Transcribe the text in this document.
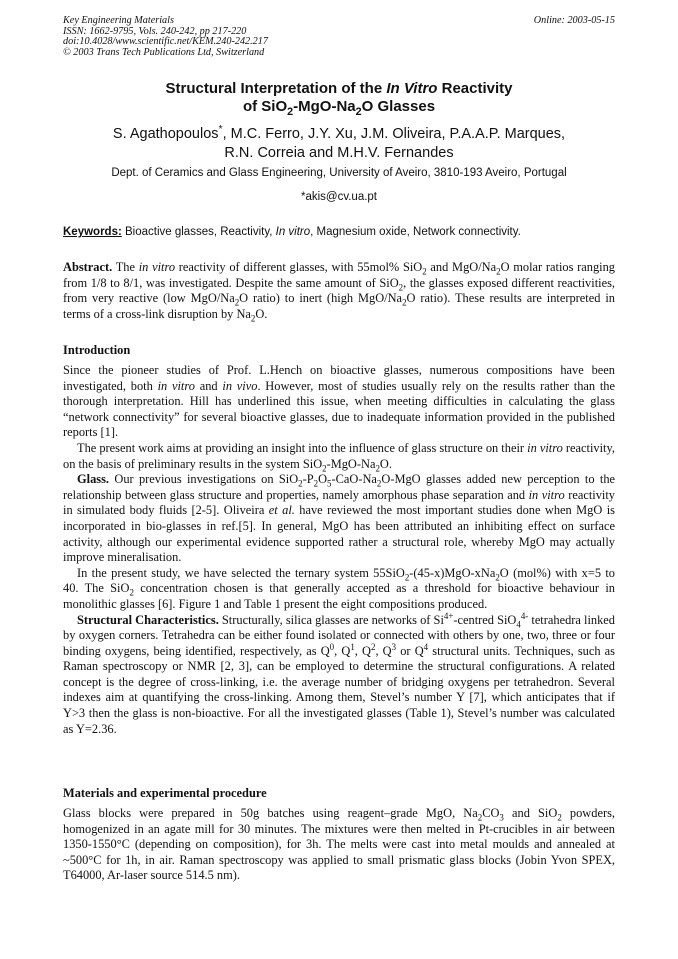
Key Engineering Materials
ISSN: 1662-9795, Vols. 240-242, pp 217-220
doi:10.4028/www.scientific.net/KEM.240-242.217
© 2003 Trans Tech Publications Ltd, Switzerland
Online: 2003-05-15
Structural Interpretation of the In Vitro Reactivity
of $SiO_2-MgO-Na_2O$ Glasses
S. Agathopoulos*, M.C. Ferro, J.Y. Xu, J.M. Oliveira, P.A.A.P. Marques,
R.N. Correia and M.H.V. Fernandes
Dept. of Ceramics and Glass Engineering, University of Aveiro, 3810-193 Aveiro, Portugal
*akis@cv.ua.pt
Keywords: Bioactive glasses, Reactivity, In vitro, Magnesium oxide, Network connectivity.

Abstract. The in vitro reactivity of different glasses, with 55mol% SiO$_2$ and MgO/$Na_2O$ molar ratios ranging from 1/8 to 8/1, was investigated. Despite the same amount of SiO$_2$, the glasses exposed different reactivities, from very reactive (low MgO/$Na_2O$ ratio) to inert (high MgO/$Na_2O$ ratio). These results are interpreted in terms of a cross-link disruption by $Na_2O$.

Introduction

Since the pioneer studies of Prof. L.Hench on bioactive glasses, numerous compositions have been investigated, both in vitro and in vivo. However, most of studies usually rely on the results rather than the thorough interpretation. Hill has underlined this issue, when meeting difficulties in calculating the glass “network connectivity” for several bioactive glasses, due to inadequate information provided in the published reports [1].

The present work aims at providing an insight into the influence of glass structure on their in vitro reactivity, on the basis of preliminary results in the system $SiO_2-MgO-Na_2O$.

Glass. Our previous investigations on $SiO_2-P_2O_5-CaO-Na_2O$-MgO glasses added new perception to the relationship between glass structure and properties, namely amorphous phase separation and in vitro reactivity in simulated body fluids [2-5]. Oliveira et al. have reviewed the most important studies done when MgO is incorporated in bio-glasses in ref.[5]. In general, MgO has been attributed an inhibiting effect on surface activity, although our experimental evidence supported rather a structural role, whereby MgO may actually improve mineralisation.

In the present study, we have selected the ternary system 55SiO$_2$-(45-x)MgO-xNa$_2$O (mol%) with x=5 to 40. The SiO$_2$ concentration chosen is that generally accepted as a threshold for bioactive behaviour in monolithic glasses [6]. Figure 1 and Table 1 present the eight compositions produced.

Structural Characteristics. Structurally, silica glasses are networks of $Si^{4+}$-centred SiO$_4^{4-}$ tetrahedra linked by oxygen corners. Tetrahedra can be either found isolated or connected with others by one, two, three or four binding oxygens, being identified, respectively, as $Q^0$, $Q^1$, $Q^2$, $Q^3$ or $Q^4$ structural units. Techniques, such as Raman spectroscopy or NMR [2, 3], can be employed to determine the structural configurations. A related concept is the degree of cross-linking, i.e. the average number of bridging oxygens per tetrahedron. Several indexes aim at quantifying the cross-linking. Among them, Stevel’s number Y [7], which anticipates that if Y>3 then the glass is non-bioactive. For all the investigated glasses (Table 1), Stevel’s number was calculated as Y=2.36.

Materials and experimental procedure

Glass blocks were prepared in 50g batches using reagent–grade MgO, $Na_2CO_3$ and SiO$_2$ powders, homogenized in an agate mill for 30 minutes. The mixtures were then melted in Pt-crucibles in air between 1350-1550°C (depending on composition), for 3h. The melts were cast into metal moulds and annealed at ~500°C for 1h, in air. Raman spectroscopy was applied to small prismatic glass blocks (Jobin Yvon SPEX, T64000, Ar-laser source 514.5 nm).
